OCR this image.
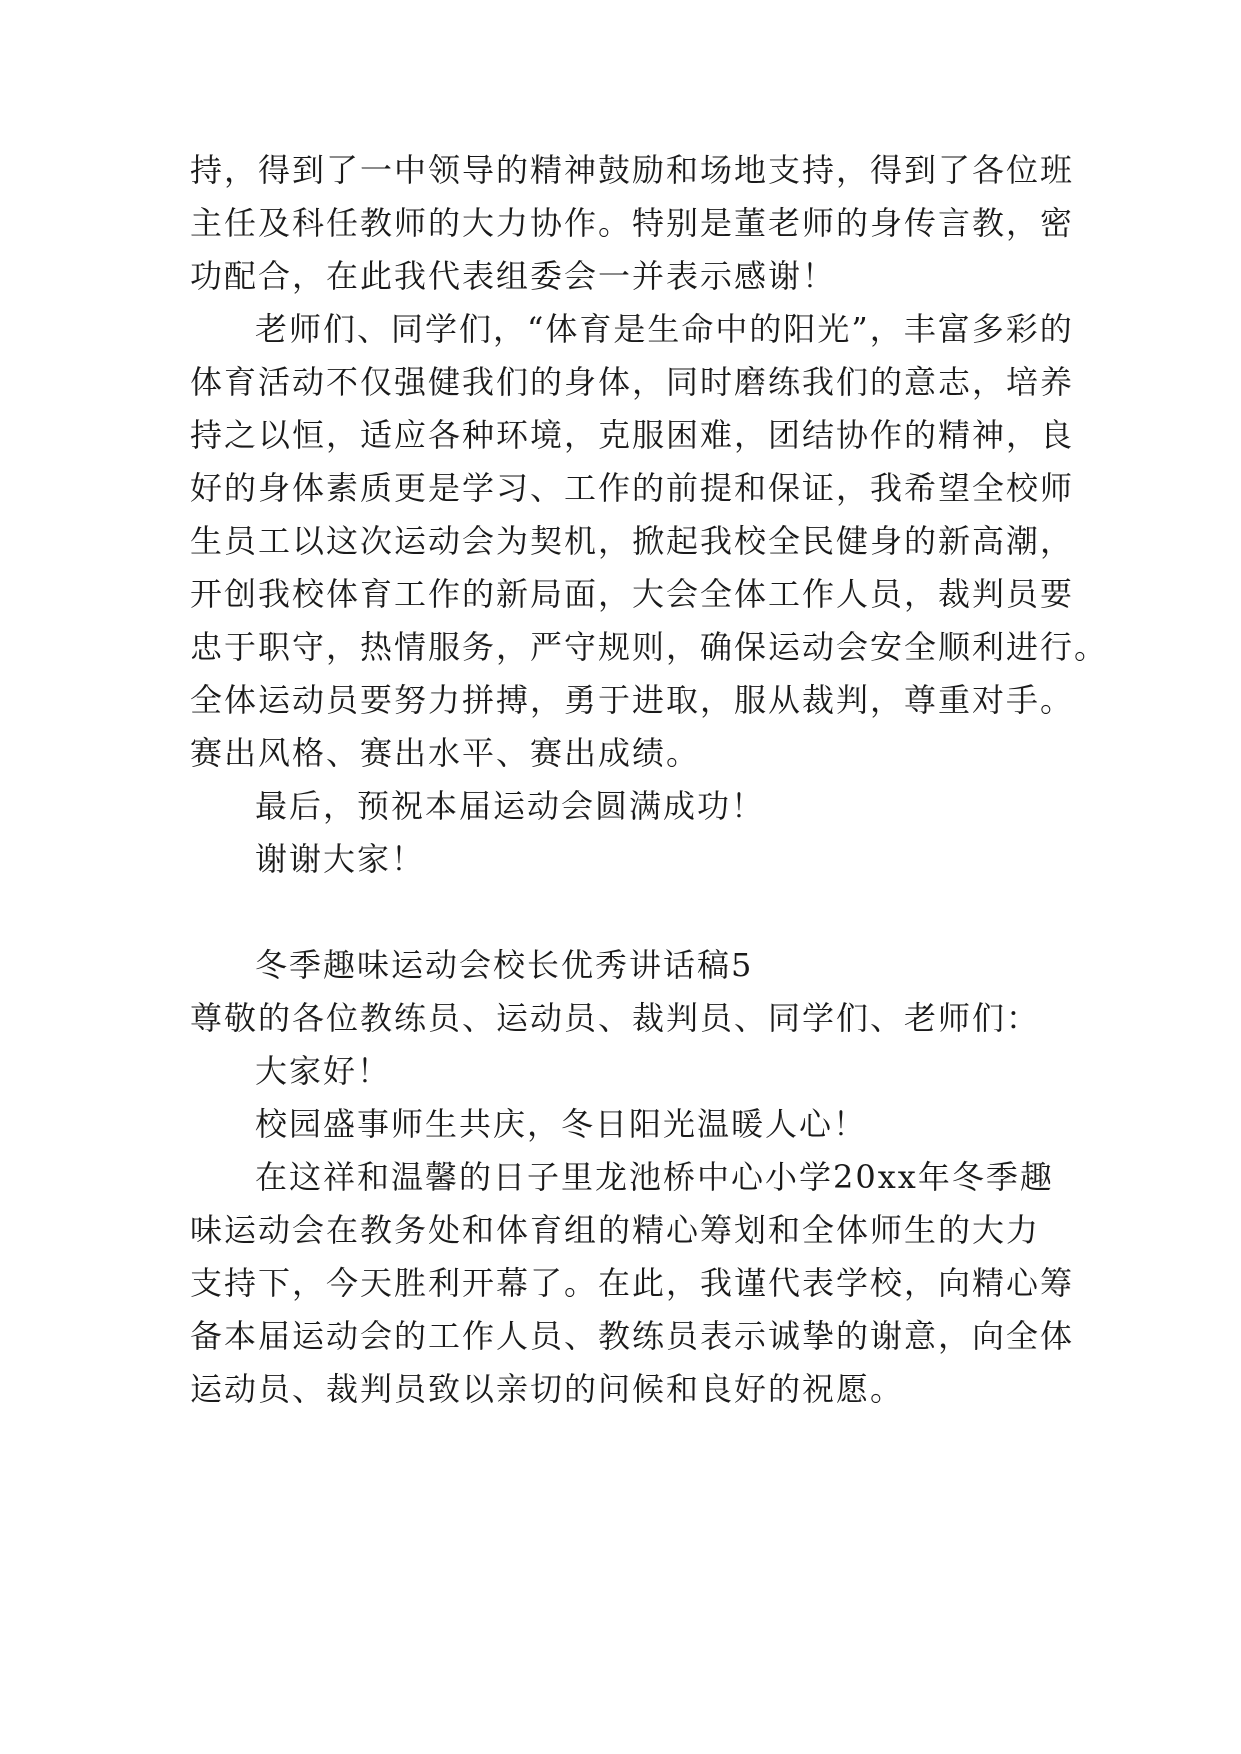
持，得到了一中领导的精神鼓励和场地支持，得到了各位班
主任及科任教师的大力协作。特别是董老师的身传言教，密
功配合，在此我代表组委会一并表示感谢！
老师们、同学们，“体育是生命中的阳光”，丰富多彩的
体育活动不仅强健我们的身体，同时磨练我们的意志，培养
持之以恒，适应各种环境，克服困难，团结协作的精神，良
好的身体素质更是学习、工作的前提和保证，我希望全校师
生员工以这次运动会为契机，掀起我校全民健身的新高潮，
开创我校体育工作的新局面，大会全体工作人员，裁判员要
忠于职守，热情服务，严守规则，确保运动会安全顺利进行。
全体运动员要努力拼搏，勇于进取，服从裁判，尊重对手。
赛出风格、赛出水平、赛出成绩。
最后，预祝本届运动会圆满成功！
谢谢大家！
冬季趣味运动会校长优秀讲话稿5
尊敬的各位教练员、运动员、裁判员、同学们、老师们：
大家好！
校园盛事师生共庆，冬日阳光温暖人心！
在这祥和温馨的日子里龙池桥中心小学20xx年冬季趣
味运动会在教务处和体育组的精心筹划和全体师生的大力
支持下，今天胜利开幕了。在此，我谨代表学校，向精心筹
备本届运动会的工作人员、教练员表示诚挚的谢意，向全体
运动员、裁判员致以亲切的问候和良好的祝愿。
